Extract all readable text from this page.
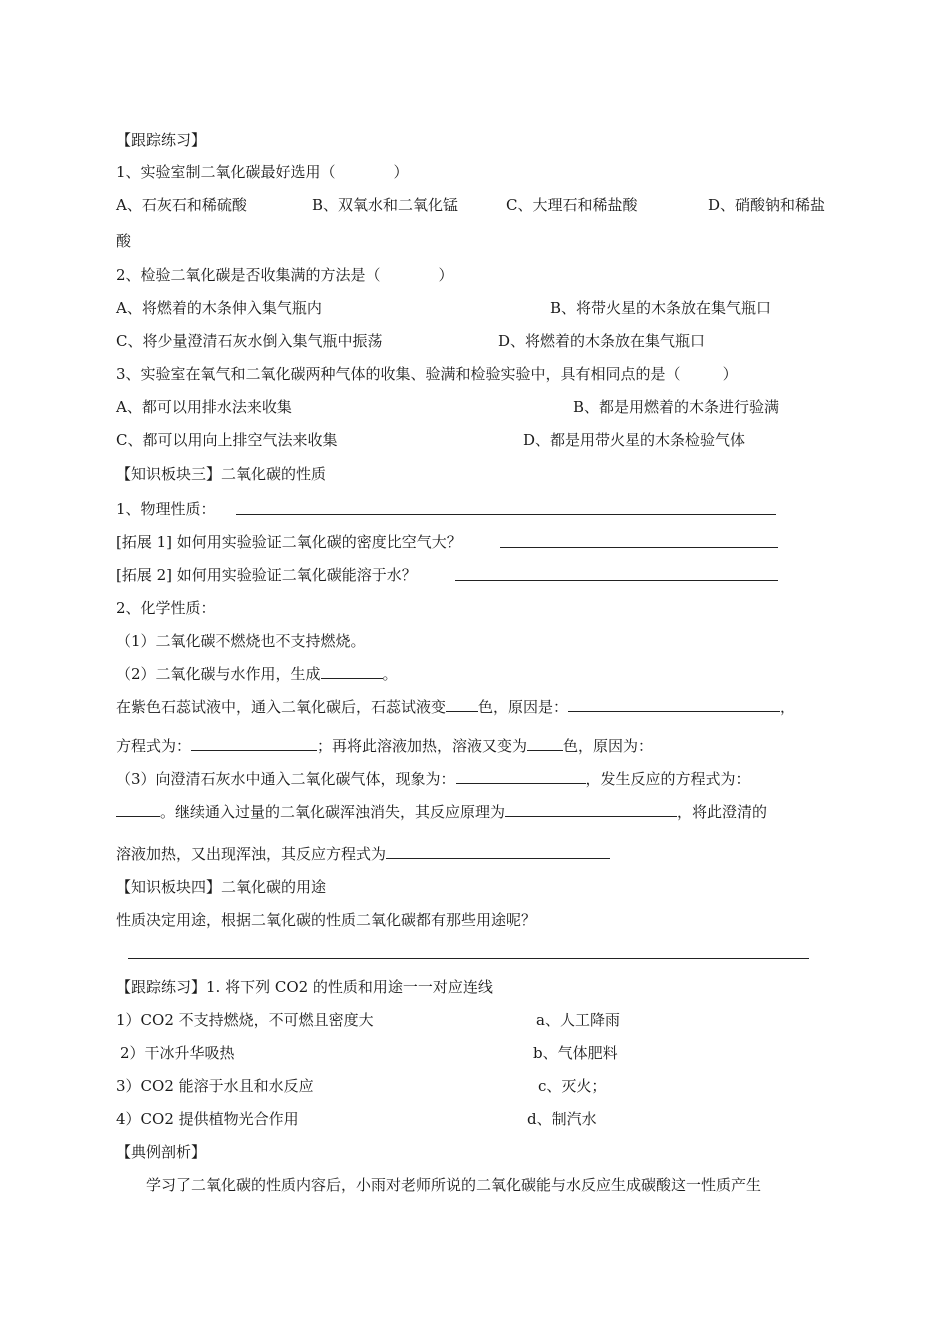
【跟踪练习】
1、实验室制二氧化碳最好选用（	）
A、石灰石和稀硫酸	B、双氧水和二氧化锰	C、大理石和稀盐酸	D、硝酸钠和稀盐
酸
2、检验二氧化碳是否收集满的方法是（	）
A、将燃着的木条伸入集气瓶内	B、将带火星的木条放在集气瓶口
C、将少量澄清石灰水倒入集气瓶中振荡	D、将燃着的木条放在集气瓶口
3、实验室在氧气和二氧化碳两种气体的收集、验满和检验实验中，具有相同点的是（	）
A、都可以用排水法来收集	B、都是用燃着的木条进行验满
C、都可以用向上排空气法来收集	D、都是用带火星的木条检验气体
【知识板块三】二氧化碳的性质
1、物理性质：
[拓展 1] 如何用实验验证二氧化碳的密度比空气大？
[拓展 2] 如何用实验验证二氧化碳能溶于水？
2、化学性质：
（1）二氧化碳不燃烧也不支持燃烧。
（2）二氧化碳与水作用，生成	。
在紫色石蕊试液中，通入二氧化碳后，石蕊试液变 色，原因是：	，
方程式为：	；再将此溶液加热，溶液又变为 色，原因为：
（3）向澄清石灰水中通入二氧化碳气体，现象为：	，发生反应的方程式为：
。继续通入过量的二氧化碳浑浊消失，其反应原理为	，将此澄清的
溶液加热，又出现浑浊，其反应方程式为
【知识板块四】二氧化碳的用途
性质决定用途，根据二氧化碳的性质二氧化碳都有那些用途呢？
【跟踪练习】1. 将下列 CO2 的性质和用途一一对应连线
1）CO2 不支持燃烧，不可燃且密度大	a、人工降雨
2）干冰升华吸热	b、气体肥料
3）CO2 能溶于水且和水反应	c、灭火；
4）CO2 提供植物光合作用	d、制汽水
【典例剖析】
学习了二氧化碳的性质内容后，小雨对老师所说的二氧化碳能与水反应生成碳酸这一性质产生
